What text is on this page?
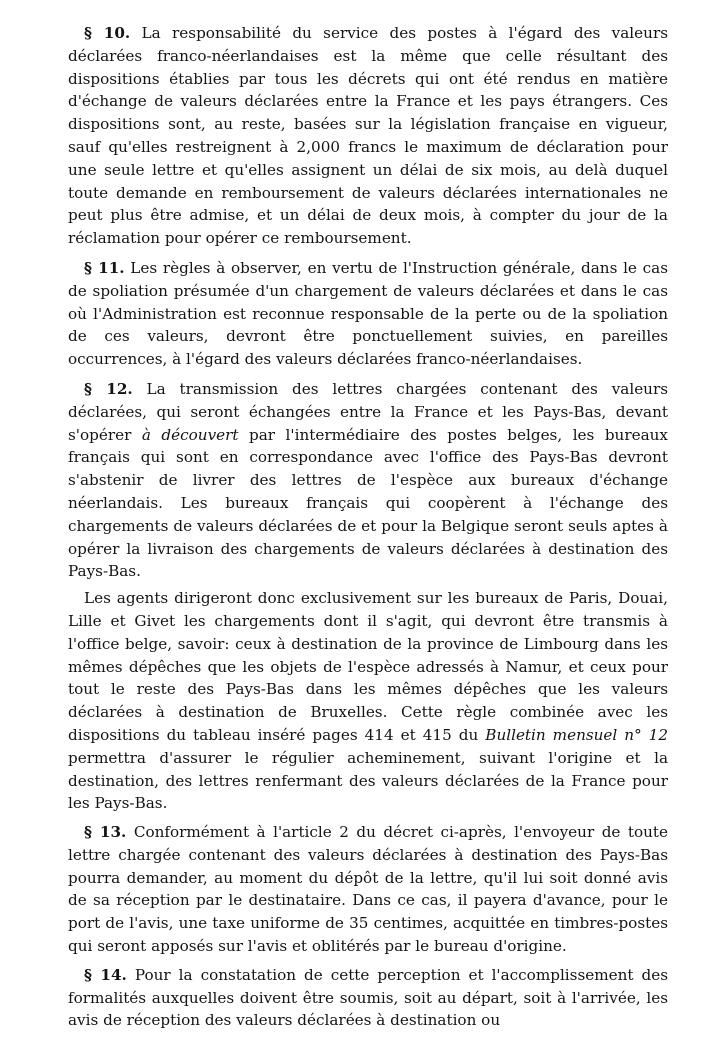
§ 10. La responsabilité du service des postes à l'égard des valeurs déclarées franco-néerlandaises est la même que celle résultant des dispositions établies par tous les décrets qui ont été rendus en matière d'échange de valeurs déclarées entre la France et les pays étrangers. Ces dispositions sont, au reste, basées sur la législation française en vigueur, sauf qu'elles restreignent à 2,000 francs le maximum de déclaration pour une seule lettre et qu'elles assignent un délai de six mois, au delà duquel toute demande en remboursement de valeurs déclarées internationales ne peut plus être admise, et un délai de deux mois, à compter du jour de la réclamation pour opérer ce remboursement.

§ 11. Les règles à observer, en vertu de l'Instruction générale, dans le cas de spoliation présumée d'un chargement de valeurs déclarées et dans le cas où l'Administration est reconnue responsable de la perte ou de la spoliation de ces valeurs, devront être ponctuellement suivies, en pareilles occurrences, à l'égard des valeurs déclarées franco-néerlandaises.

§ 12. La transmission des lettres chargées contenant des valeurs déclarées, qui seront échangées entre la France et les Pays-Bas, devant s'opérer à découvert par l'intermédiaire des postes belges, les bureaux français qui sont en correspondance avec l'office des Pays-Bas devront s'abstenir de livrer des lettres de l'espèce aux bureaux d'échange néerlandais. Les bureaux français qui coopèrent à l'échange des chargements de valeurs déclarées de et pour la Belgique seront seuls aptes à opérer la livraison des chargements de valeurs déclarées à destination des Pays-Bas.

Les agents dirigeront donc exclusivement sur les bureaux de Paris, Douai, Lille et Givet les chargements dont il s'agit, qui devront être transmis à l'office belge, savoir: ceux à destination de la province de Limbourg dans les mêmes dépêches que les objets de l'espèce adressés à Namur, et ceux pour tout le reste des Pays-Bas dans les mêmes dépêches que les valeurs déclarées à destination de Bruxelles. Cette règle combinée avec les dispositions du tableau inséré pages 414 et 415 du Bulletin mensuel n° 12 permettra d'assurer le régulier acheminement, suivant l'origine et la destination, des lettres renfermant des valeurs déclarées de la France pour les Pays-Bas.

§ 13. Conformément à l'article 2 du décret ci-après, l'envoyeur de toute lettre chargée contenant des valeurs déclarées à destination des Pays-Bas pourra demander, au moment du dépôt de la lettre, qu'il lui soit donné avis de sa réception par le destinataire. Dans ce cas, il payera d'avance, pour le port de l'avis, une taxe uniforme de 35 centimes, acquittée en timbres-postes qui seront apposés sur l'avis et oblitérés par le bureau d'origine.

§ 14. Pour la constatation de cette perception et l'accomplissement des formalités auxquelles doivent être soumis, soit au départ, soit à l'arrivée, les avis de réception des valeurs déclarées à destination ou
